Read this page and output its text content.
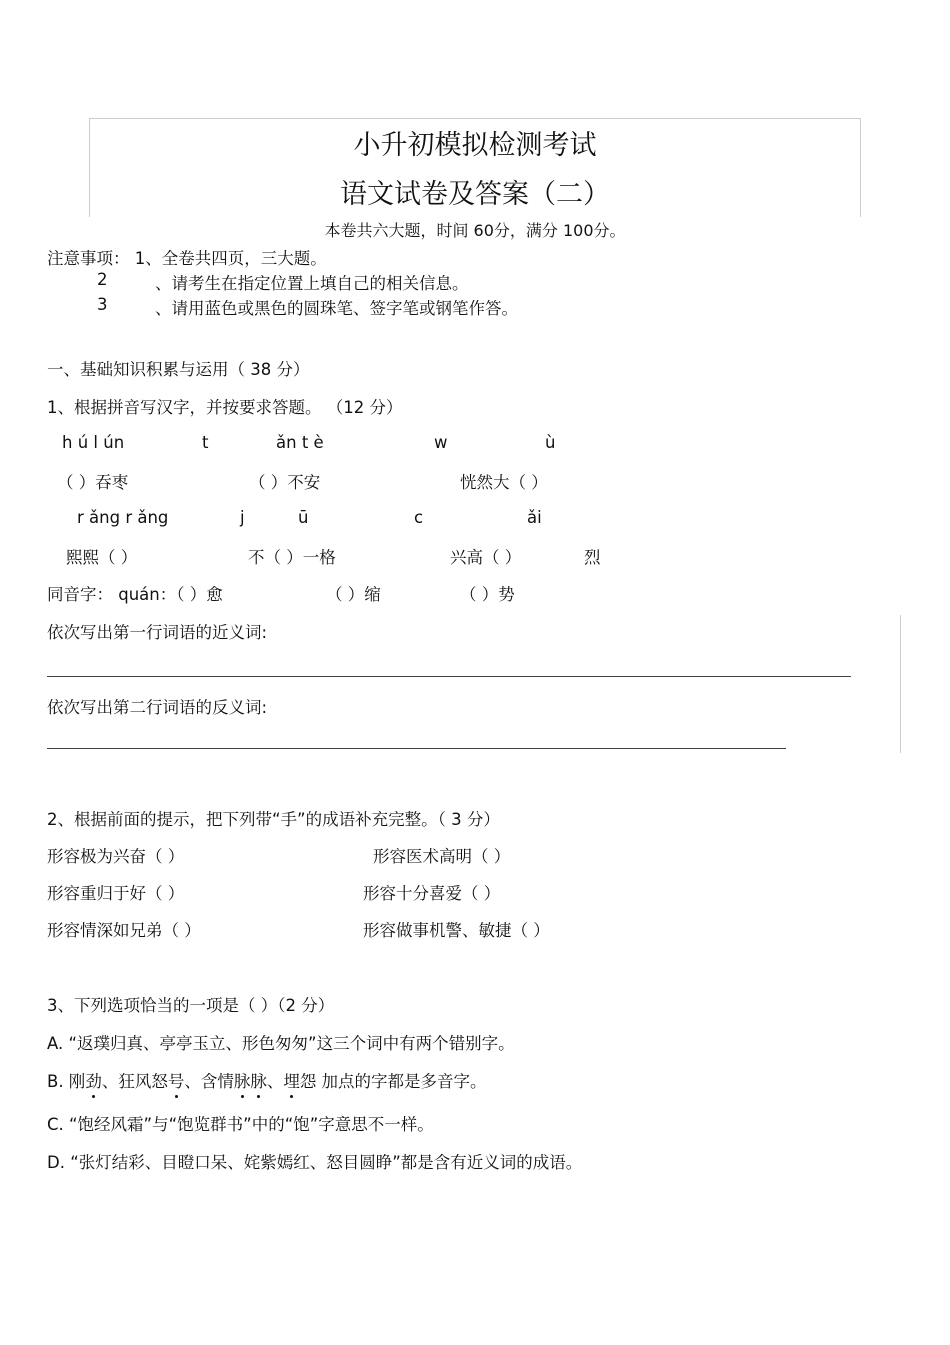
小升初模拟检测考试
语文试卷及答案（二）
本卷共六大题，时间 60分，满分 100分。
注意事项： 1、全卷共四页，三大题。
2	、请考生在指定位置上填自己的相关信息。
3	、请用蓝色或黑色的圆珠笔、签字笔或钢笔作答。
一、基础知识积累与运用（ 38 分）
1、根据拼音写汉字，并按要求答题。 （12 分）
h ú l ún	t	ǎn t è	w	ù
（ ）吞枣	（ ）不安	恍然大（ ）
r ǎng r ǎng	j	ū	c	ǎi
熙熙（ ）	不（ ）一格	兴高（ ）	烈
同音字： quán：（ ）愈	（ ）缩	（ ）势
依次写出第一行词语的近义词:
依次写出第二行词语的反义词:
2、根据前面的提示，把下列带“手”的成语补充完整。（ 3 分）
形容极为兴奋（ ）	形容医术高明（ ）
形容重归于好（ ）	形容十分喜爱（ ）
形容情深如兄弟（ ）	形容做事机警、敏捷（ ）
3、下列选项恰当的一项是（ ）（2 分）
A. “返璞归真、亭亭玉立、形色匆匆”这三个词中有两个错别字。
B. 刚劲、狂风怒号、含情脉脉、埋怨 加点的字都是多音字。
C. “饱经风霜”与“饱览群书”中的“饱”字意思不一样。
D. “张灯结彩、目瞪口呆、姹紫嫣红、怒目圆睁”都是含有近义词的成语。
